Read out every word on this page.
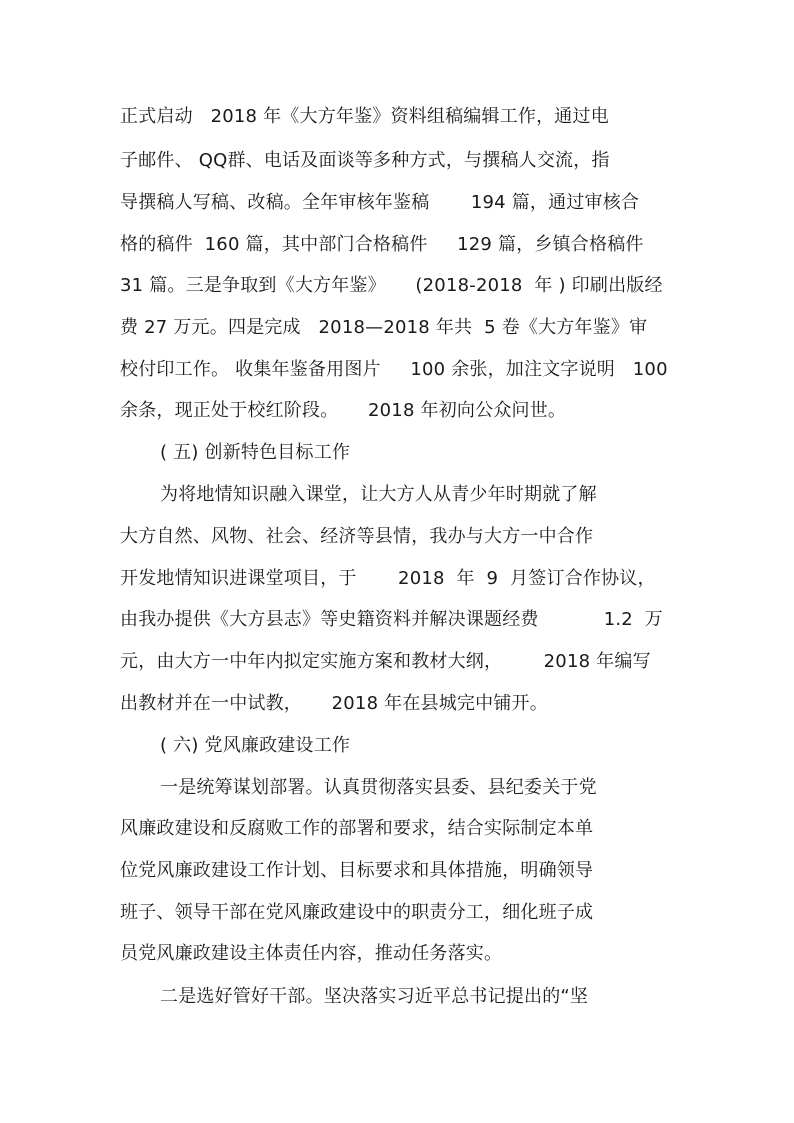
正式启动   2018 年《大方年鉴》资料组稿编辑工作，通过电
子邮件、 QQ群、电话及面谈等多种方式，与撰稿人交流，指
导撰稿人写稿、改稿。全年审核年鉴稿       194 篇，通过审核合
格的稿件  160 篇，其中部门合格稿件     129 篇，乡镇合格稿件
31 篇。三是争取到《大方年鉴》     (2018-2018  年 ) 印刷出版经
费 27 万元。四是完成   2018—2018 年共  5 卷《大方年鉴》审
校付印工作。 收集年鉴备用图片     100 余张，加注文字说明   100
余条，现正处于校红阶段。     2018 年初向公众问世。
( 五) 创新特色目标工作
为将地情知识融入课堂，让大方人从青少年时期就了解
大方自然、风物、社会、经济等县情，我办与大方一中合作
开发地情知识进课堂项目，于       2018  年  9  月签订合作协议，
由我办提供《大方县志》等史籍资料并解决课题经费           1.2  万
元，由大方一中年内拟定实施方案和教材大纲，       2018 年编写
出教材并在一中试教，     2018 年在县城完中铺开。
( 六) 党风廉政建设工作
一是统筹谋划部署。认真贯彻落实县委、县纪委关于党
风廉政建设和反腐败工作的部署和要求，结合实际制定本单
位党风廉政建设工作计划、目标要求和具体措施，明确领导
班子、领导干部在党风廉政建设中的职责分工，细化班子成
员党风廉政建设主体责任内容，推动任务落实。
二是选好管好干部。坚决落实习近平总书记提出的“坚
